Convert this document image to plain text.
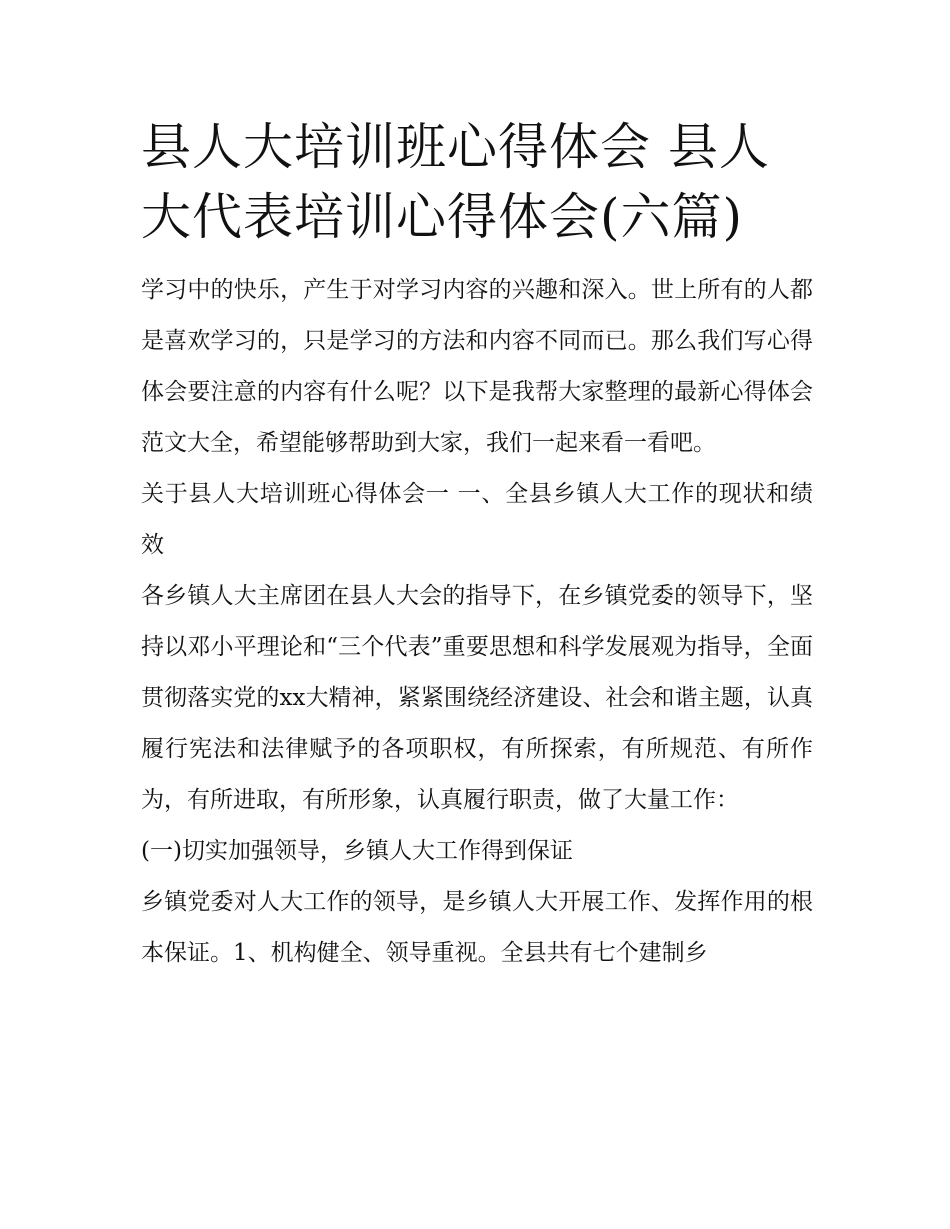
县人大培训班心得体会 县人大代表培训心得体会(六篇)

学习中的快乐，产生于对学习内容的兴趣和深入。世上所有的人都是喜欢学习的，只是学习的方法和内容不同而已。那么我们写心得体会要注意的内容有什么呢？以下是我帮大家整理的最新心得体会范文大全，希望能够帮助到大家，我们一起来看一看吧。

关于县人大培训班心得体会一 一、全县乡镇人大工作的现状和绩效

各乡镇人大主席团在县人大会的指导下，在乡镇党委的领导下，坚持以邓小平理论和“三个代表”重要思想和科学发展观为指导，全面贯彻落实党的xx大精神，紧紧围绕经济建设、社会和谐主题，认真履行宪法和法律赋予的各项职权，有所探索，有所规范、有所作为，有所进取，有所形象，认真履行职责，做了大量工作：

(一)切实加强领导，乡镇人大工作得到保证

乡镇党委对人大工作的领导，是乡镇人大开展工作、发挥作用的根本保证。1、机构健全、领导重视。全县共有七个建制乡
